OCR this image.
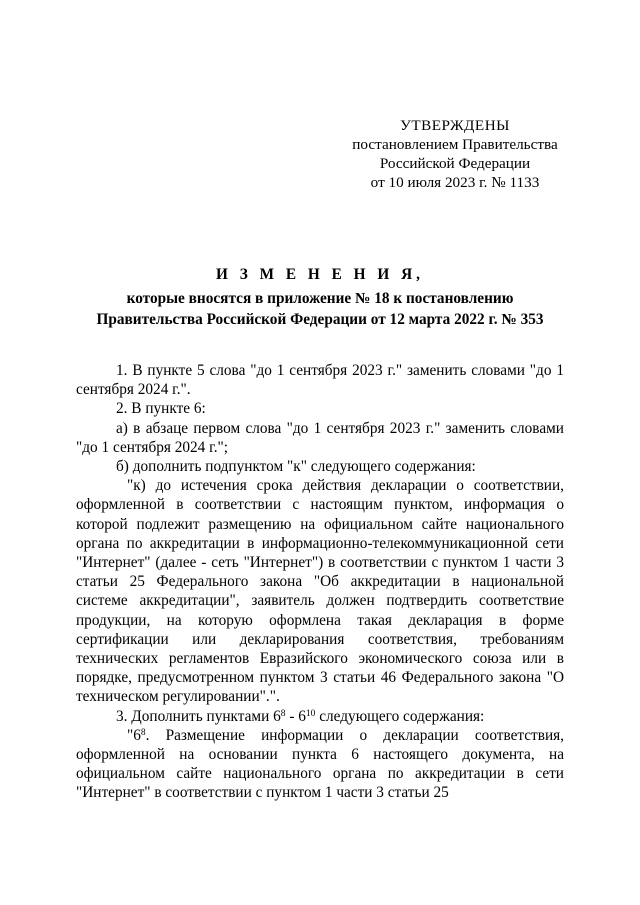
УТВЕРЖДЕНЫ
постановлением Правительства
Российской Федерации
от 10 июля 2023 г. № 1133
И З М Е Н Е Н И Я,
которые вносятся в приложение № 18 к постановлению
Правительства Российской Федерации от 12 марта 2022 г. № 353

1. В пункте 5 слова "до 1 сентября 2023 г." заменить словами "до 1 сентября 2024 г.".

2. В пункте 6:

а) в абзаце первом слова "до 1 сентября 2023 г." заменить словами "до 1 сентября 2024 г.";

б) дополнить подпунктом "к" следующего содержания:

"к) до истечения срока действия декларации о соответствии, оформленной в соответствии с настоящим пунктом, информация о которой подлежит размещению на официальном сайте национального органа по аккредитации в информационно-телекоммуникационной сети "Интернет" (далее - сеть "Интернет") в соответствии с пунктом 1 части 3 статьи 25 Федерального закона "Об аккредитации в национальной системе аккредитации", заявитель должен подтвердить соответствие продукции, на которую оформлена такая декларация в форме сертификации или декларирования соответствия, требованиям технических регламентов Евразийского экономического союза или в порядке, предусмотренном пунктом 3 статьи 46 Федерального закона "О техническом регулировании".".

3. Дополнить пунктами $6^8 - 6^{10}$ следующего содержания:

"$6^8$. Размещение информации о декларации соответствия, оформленной на основании пункта 6 настоящего документа, на официальном сайте национального органа по аккредитации в сети "Интернет" в соответствии с пунктом 1 части 3 статьи 25
